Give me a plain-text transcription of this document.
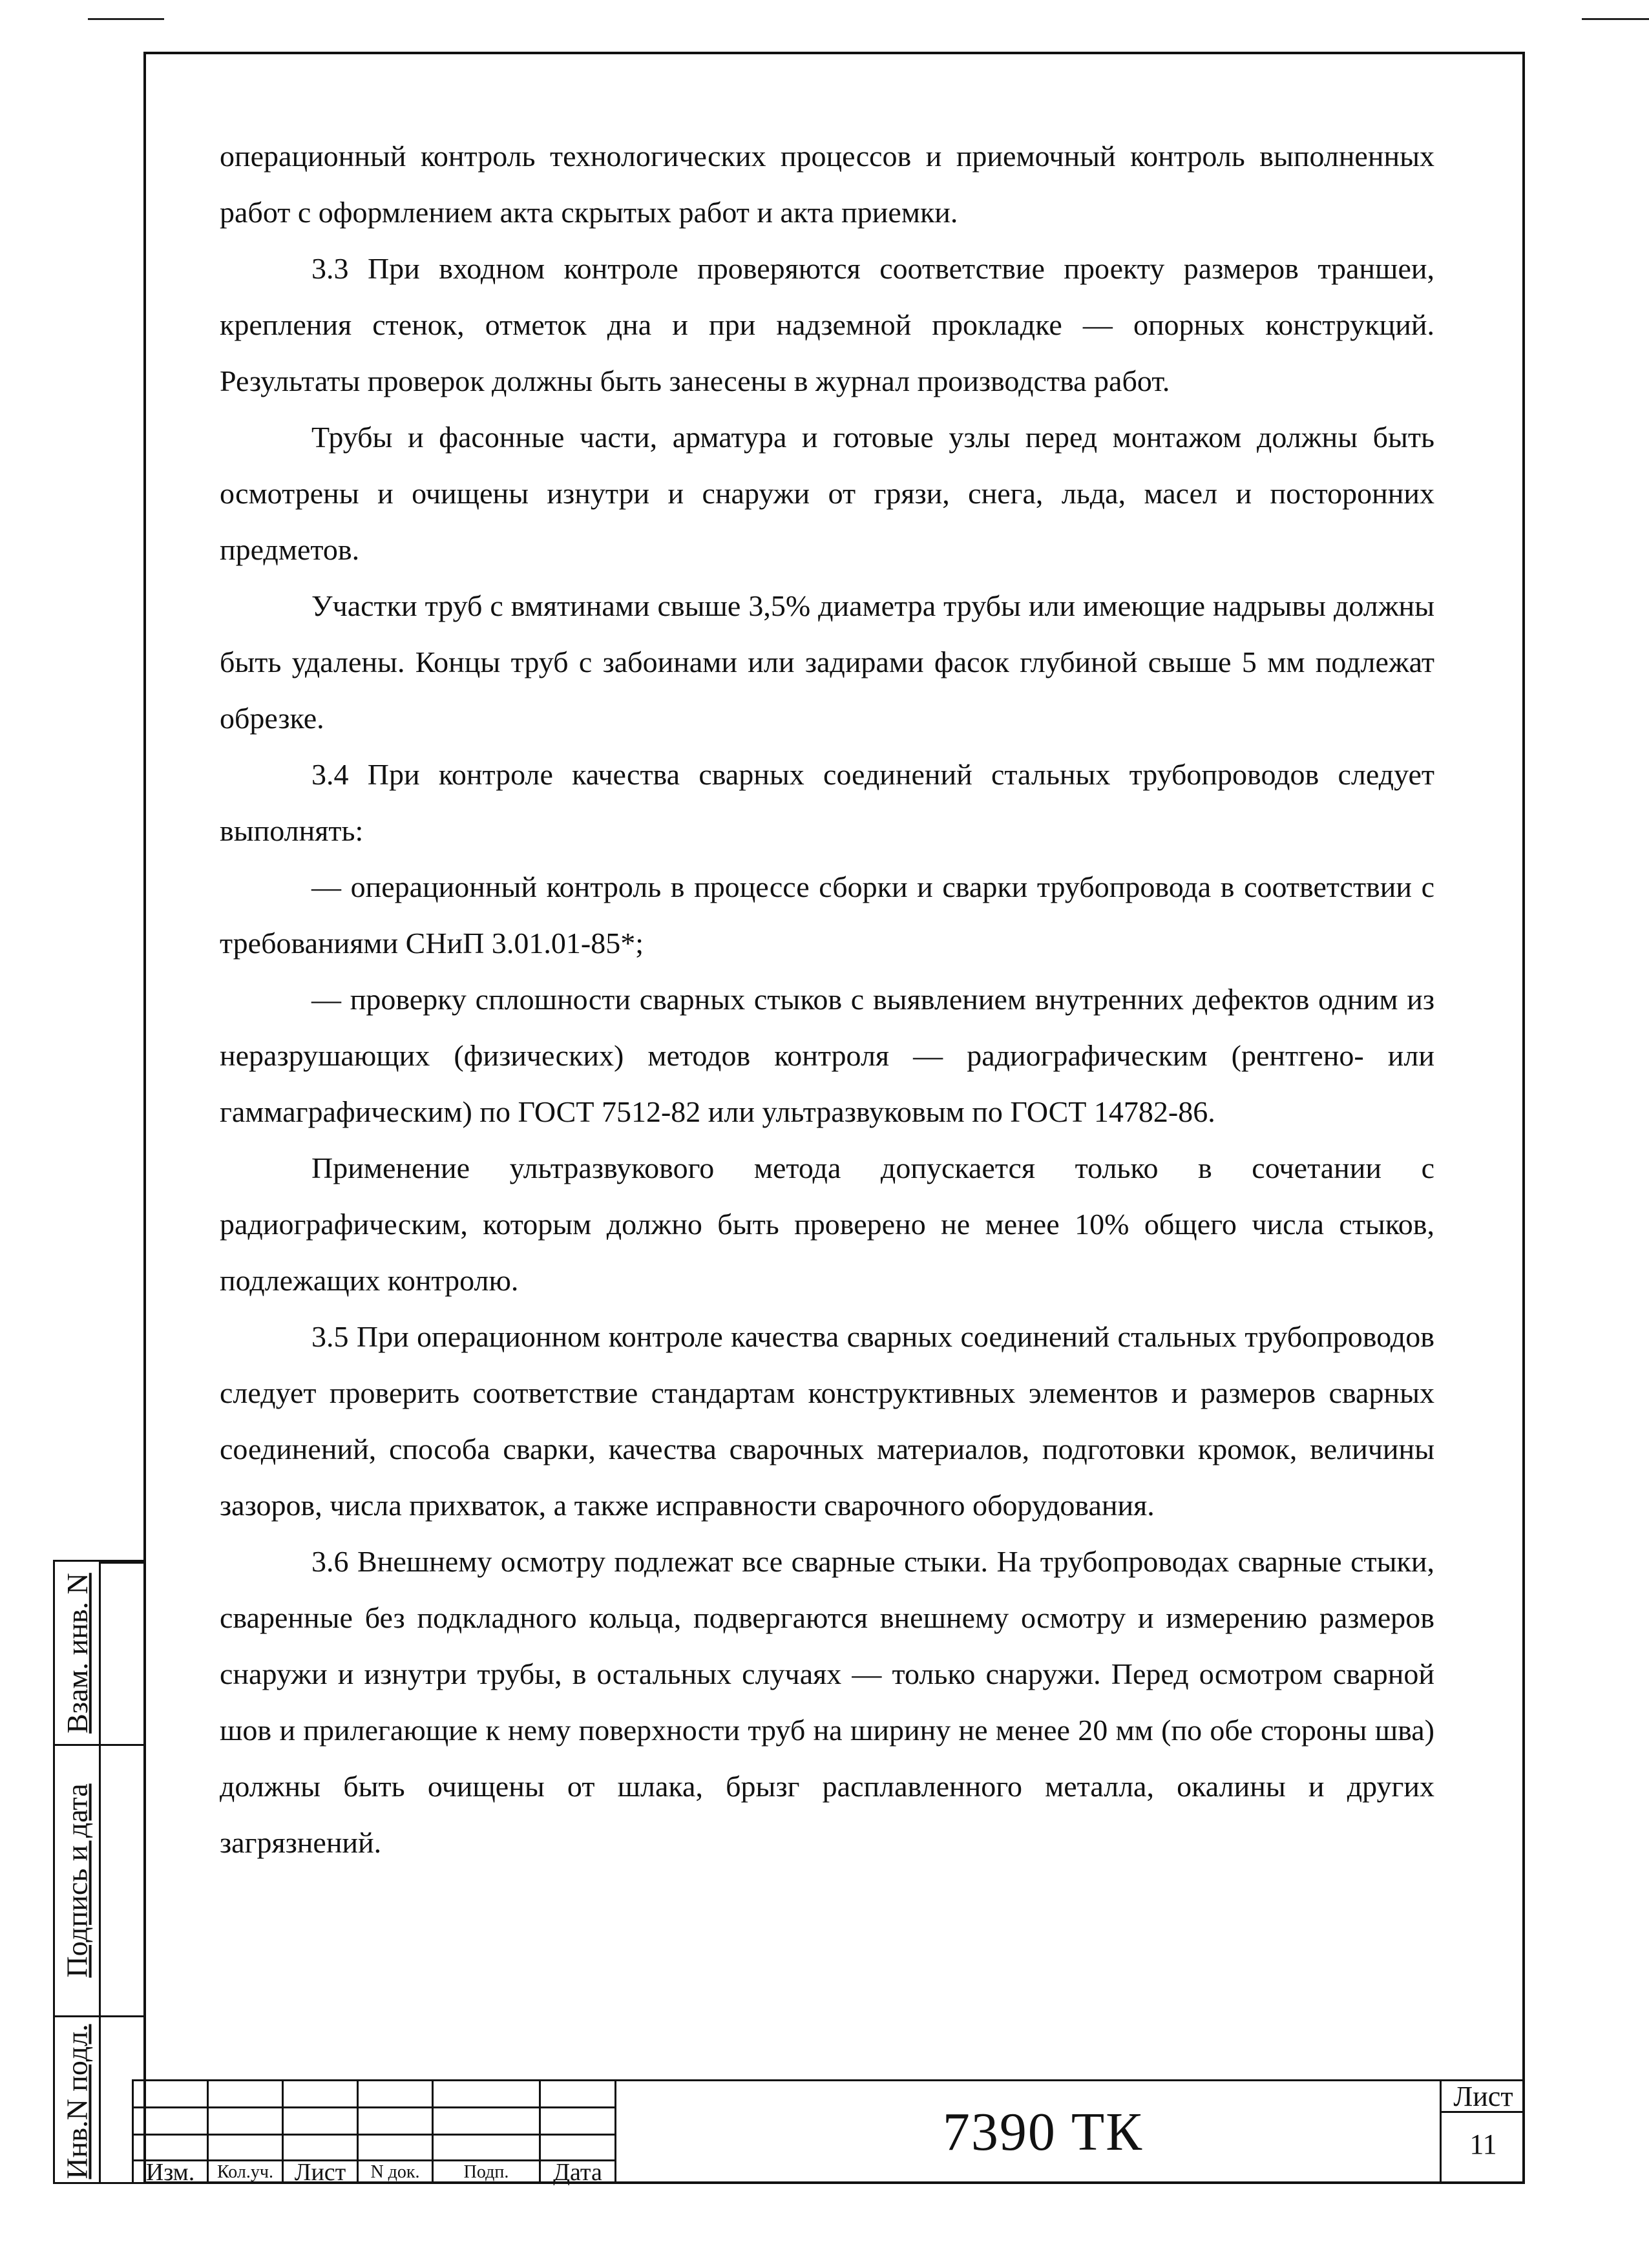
операционный контроль технологических процессов и приемочный контроль выполненных работ с оформлением акта скрытых работ и акта приемки.

3.3 При входном контроле проверяются соответствие проекту размеров траншеи, крепления стенок, отметок дна и при надземной прокладке — опорных конструкций. Результаты проверок должны быть занесены в журнал производства работ.

Трубы и фасонные части, арматура и готовые узлы перед монтажом должны быть осмотрены и очищены изнутри и снаружи от грязи, снега, льда, масел и посторонних предметов.

Участки труб с вмятинами свыше 3,5% диаметра трубы или имеющие надрывы должны быть удалены. Концы труб с забоинами или задирами фасок глубиной свыше 5 мм подлежат обрезке.

3.4 При контроле качества сварных соединений стальных трубопроводов следует выполнять:

— операционный контроль в процессе сборки и сварки трубопровода в соответствии с требованиями СНиП 3.01.01-85*;

— проверку сплошности сварных стыков с выявлением внутренних дефектов одним из неразрушающих (физических) методов контроля — радиографическим (рентгено- или гаммаграфическим) по ГОСТ 7512-82 или ультразвуковым по ГОСТ 14782-86.

Применение ультразвукового метода допускается только в сочетании с радиографическим, которым должно быть проверено не менее 10% общего числа стыков, подлежащих контролю.

3.5 При операционном контроле качества сварных соединений стальных трубопроводов следует проверить соответствие стандартам конструктивных элементов и размеров сварных соединений, способа сварки, качества сварочных материалов, подготовки кромок, величины зазоров, числа прихваток, а также исправности сварочного оборудования.

3.6 Внешнему осмотру подлежат все сварные стыки. На трубопроводах сварные стыки, сваренные без подкладного кольца, подвергаются внешнему осмотру и измерению размеров снаружи и изнутри трубы, в остальных случаях — только снаружи. Перед осмотром сварной шов и прилегающие к нему поверхности труб на ширину не менее 20 мм (по обе стороны шва) должны быть очищены от шлака, брызг расплавленного металла, окалины и других загрязнений.

Взам. инв. N
Подпись и дата
Инв.N подл.	Изм.	Кол.уч. Лист	N док.	Подп.	Дата
7390 ТК
Лист
11
